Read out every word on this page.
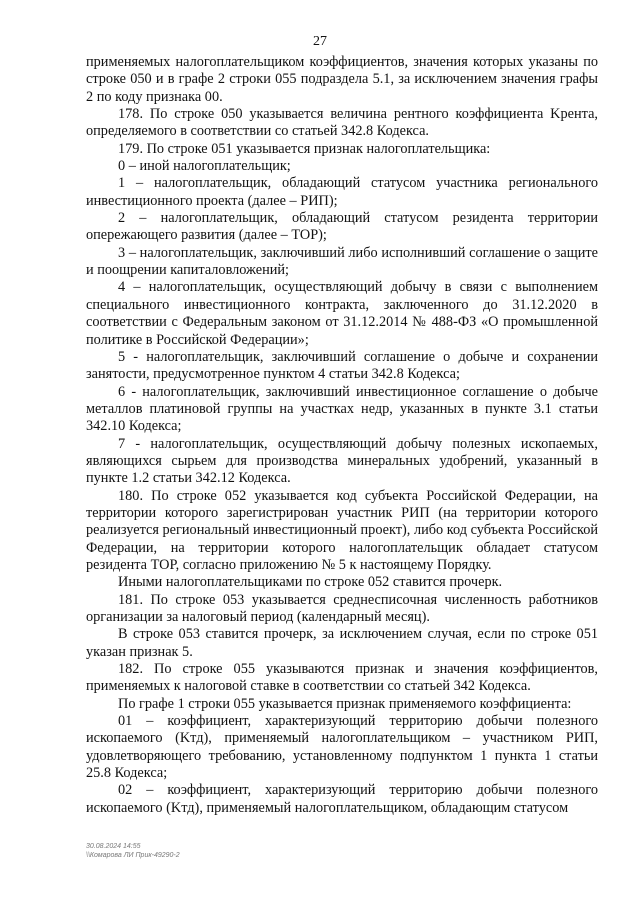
27

применяемых налогоплательщиком коэффициентов, значения которых указаны по строке 050 и в графе 2 строки 055 подраздела 5.1, за исключением значения графы 2 по коду признака 00.

178. По строке 050 указывается величина рентного коэффициента Kрента, определяемого в соответствии со статьей 342.8 Кодекса.

179. По строке 051 указывается признак налогоплательщика:

0 – иной налогоплательщик;

1 – налогоплательщик, обладающий статусом участника регионального инвестиционного проекта (далее – РИП);

2 – налогоплательщик, обладающий статусом резидента территории опережающего развития (далее – ТОР);

3 – налогоплательщик, заключивший либо исполнивший соглашение о защите и поощрении капиталовложений;

4 – налогоплательщик, осуществляющий добычу в связи с выполнением специального инвестиционного контракта, заключенного до 31.12.2020 в соответствии с Федеральным законом от 31.12.2014 № 488-ФЗ «О промышленной политике в Российской Федерации»;

5 - налогоплательщик, заключивший соглашение о добыче и сохранении занятости, предусмотренное пунктом 4 статьи 342.8 Кодекса;

6 - налогоплательщик, заключивший инвестиционное соглашение о добыче металлов платиновой группы на участках недр, указанных в пункте 3.1 статьи 342.10 Кодекса;

7 - налогоплательщик, осуществляющий добычу полезных ископаемых, являющихся сырьем для производства минеральных удобрений, указанный в пункте 1.2 статьи 342.12 Кодекса.

180. По строке 052 указывается код субъекта Российской Федерации, на территории которого зарегистрирован участник РИП (на территории которого реализуется региональный инвестиционный проект), либо код субъекта Российской Федерации, на территории которого налогоплательщик обладает статусом резидента ТОР, согласно приложению № 5 к настоящему Порядку.

Иными налогоплательщиками по строке 052 ставится прочерк.

181. По строке 053 указывается среднесписочная численность работников организации за налоговый период (календарный месяц).

В строке 053 ставится прочерк, за исключением случая, если по строке 051 указан признак 5.

182. По строке 055 указываются признак и значения коэффициентов, применяемых к налоговой ставке в соответствии со статьей 342 Кодекса.

По графе 1 строки 055 указывается признак применяемого коэффициента:

01 – коэффициент, характеризующий территорию добычи полезного ископаемого (Kтд), применяемый налогоплательщиком – участником РИП, удовлетворяющего требованию, установленному подпунктом 1 пункта 1 статьи 25.8 Кодекса;

02 – коэффициент, характеризующий территорию добычи полезного ископаемого (Kтд), применяемый налогоплательщиком, обладающим статусом

30.08.2024 14:55
\\Комарова ЛИ Прик-49290-2
